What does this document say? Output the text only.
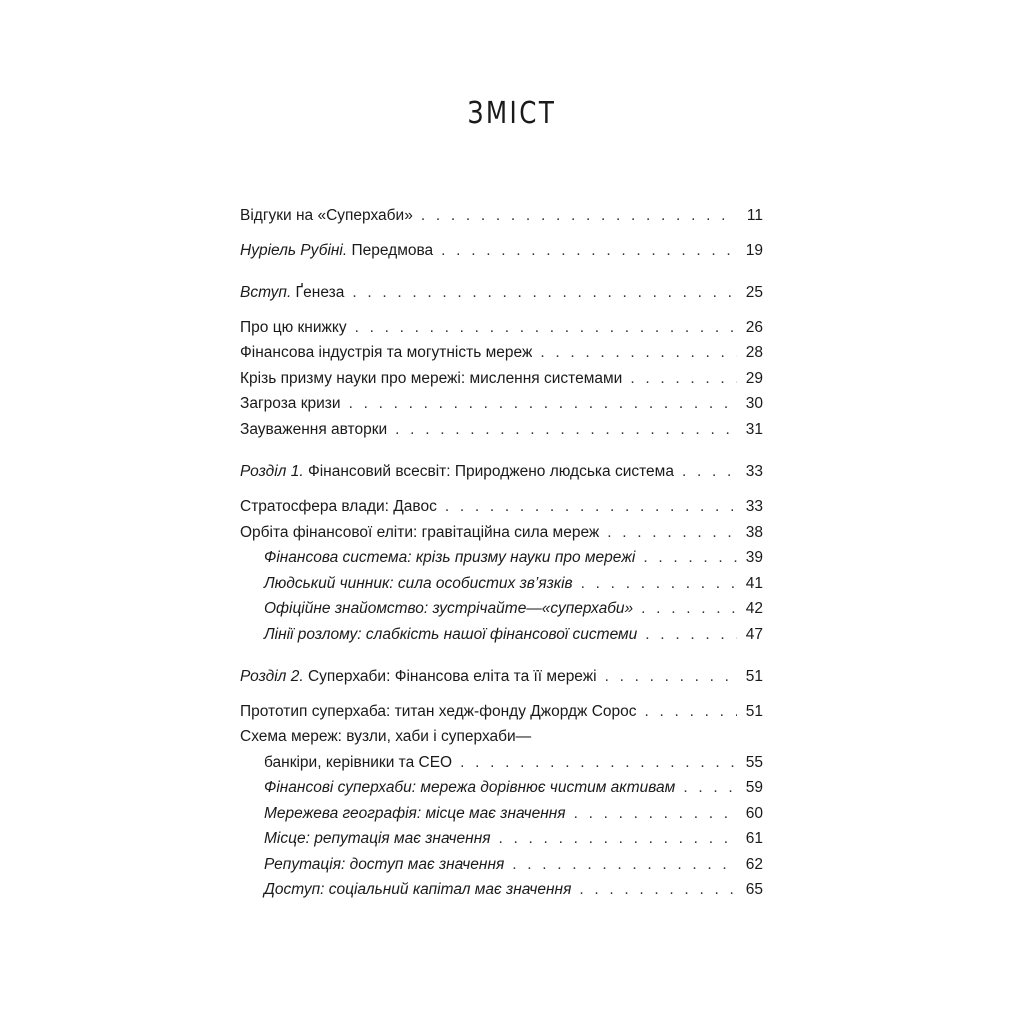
ЗМІСТ
Відгуки на «Суперхаби» . . .	11
Нуріель Рубіні. Передмова . . .	19
Вступ. Ґенеза . . .	25
Про цю книжку . . .	26
Фінансова індустрія та могутність мереж . . .	28
Крізь призму науки про мережі: мислення системами . . .	29
Загроза кризи . . .	30
Зауваження авторки . . .	31
Розділ 1. Фінансовий всесвіт: Природжено людська система . . .	33
Стратосфера влади: Давос . . .	33
Орбіта фінансової еліти: гравітаційна сила мереж . . .	38
Фінансова система: крізь призму науки про мережі . . .	39
Людський чинник: сила особистих зв’язків . . .	41
Офіційне знайомство: зустрічайте—«суперхаби» . . .	42
Лінії розлому: слабкість нашої фінансової системи . . .	47
Розділ 2. Суперхаби: Фінансова еліта та її мережі . . .	51
Прототип суперхаба: титан хедж-фонду Джордж Сорос . . .	51
Схема мереж: вузли, хаби і суперхаби—
банкіри, керівники та СЕО . . .	55
Фінансові суперхаби: мережа дорівнює чистим активам . . .	59
Мережева географія: місце має значення . . .	60
Місце: репутація має значення . . .	61
Репутація: доступ має значення . . .	62
Доступ: соціальний капітал має значення . . .	65
